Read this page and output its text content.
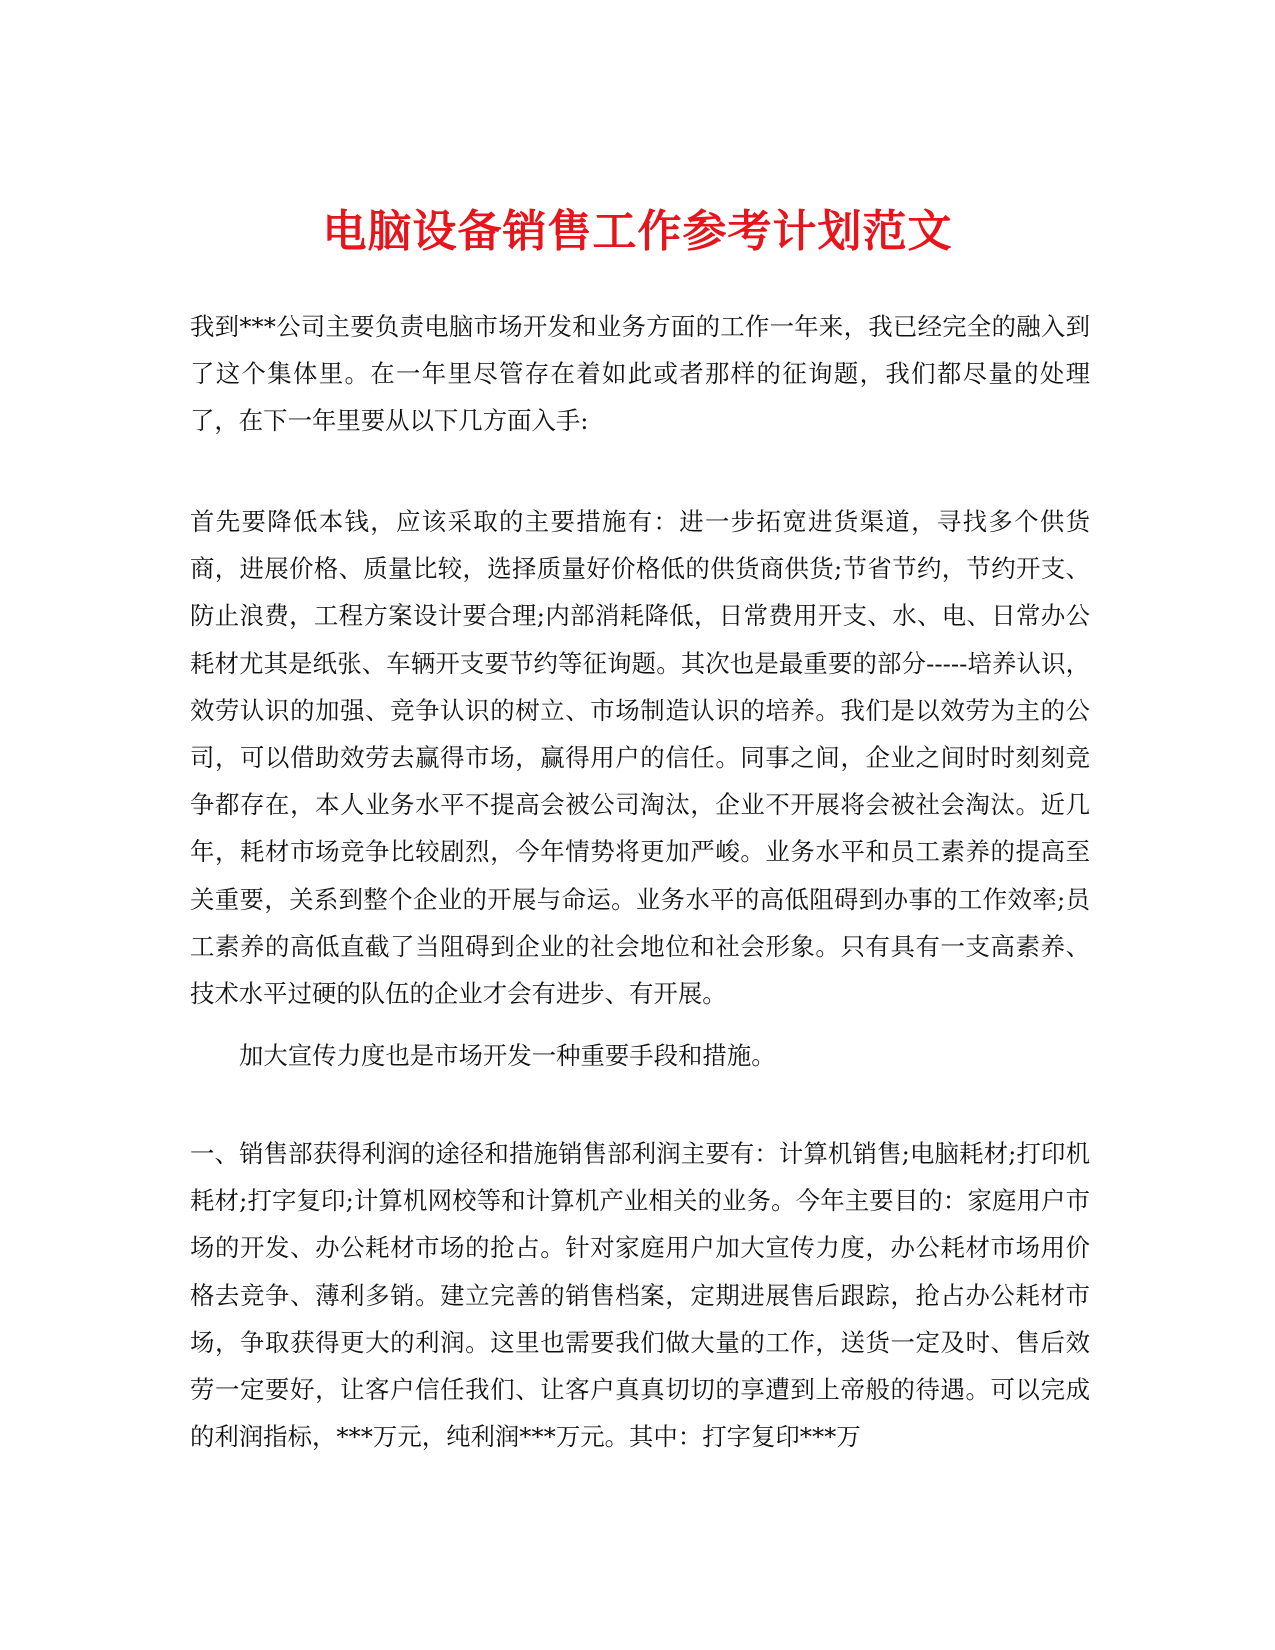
电脑设备销售工作参考计划范文

我到***公司主要负责电脑市场开发和业务方面的工作一年来，我已经完全的融入到了这个集体里。在一年里尽管存在着如此或者那样的征询题，我们都尽量的处理了，在下一年里要从以下几方面入手:

首先要降低本钱，应该采取的主要措施有：进一步拓宽进货渠道，寻找多个供货商，进展价格、质量比较，选择质量好价格低的供货商供货;节省节约，节约开支、防止浪费，工程方案设计要合理;内部消耗降低，日常费用开支、水、电、日常办公耗材尤其是纸张、车辆开支要节约等征询题。其次也是最重要的部分-----培养认识，效劳认识的加强、竞争认识的树立、市场制造认识的培养。我们是以效劳为主的公司，可以借助效劳去赢得市场，赢得用户的信任。同事之间，企业之间时时刻刻竞争都存在，本人业务水平不提高会被公司淘汰，企业不开展将会被社会淘汰。近几年，耗材市场竞争比较剧烈，今年情势将更加严峻。业务水平和员工素养的提高至关重要，关系到整个企业的开展与命运。业务水平的高低阻碍到办事的工作效率;员工素养的高低直截了当阻碍到企业的社会地位和社会形象。只有具有一支高素养、技术水平过硬的队伍的企业才会有进步、有开展。

加大宣传力度也是市场开发一种重要手段和措施。

一、销售部获得利润的途径和措施销售部利润主要有：计算机销售;电脑耗材;打印机耗材;打字复印;计算机网校等和计算机产业相关的业务。今年主要目的：家庭用户市场的开发、办公耗材市场的抢占。针对家庭用户加大宣传力度，办公耗材市场用价格去竞争、薄利多销。建立完善的销售档案，定期进展售后跟踪，抢占办公耗材市场，争取获得更大的利润。这里也需要我们做大量的工作，送货一定及时、售后效劳一定要好，让客户信任我们、让客户真真切切的享遭到上帝般的待遇。可以完成的利润指标，***万元，纯利润***万元。其中：打字复印***万
